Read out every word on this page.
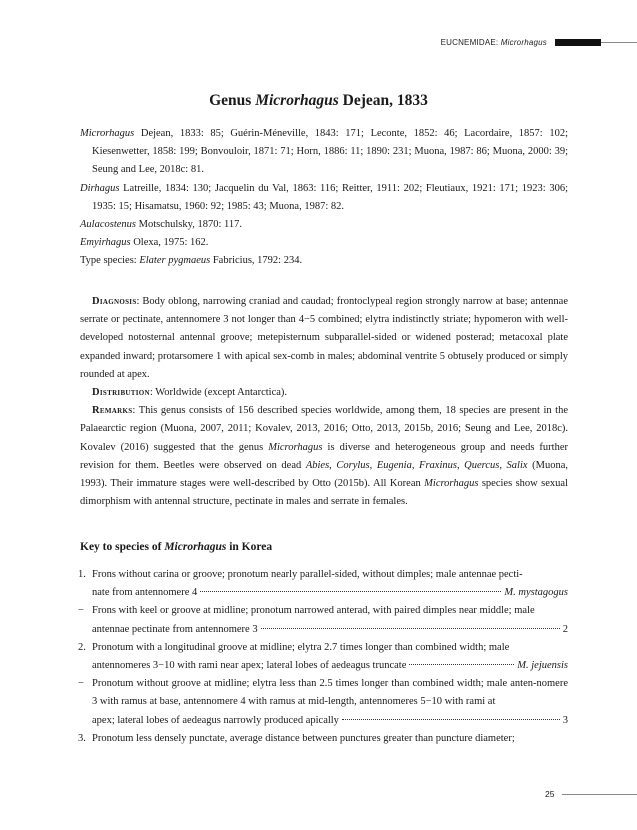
EUCNEMIDAE: Microrhagus
Genus Microrhagus Dejean, 1833

Microrhagus Dejean, 1833: 85; Guérin-Méneville, 1843: 171; Leconte, 1852: 46; Lacordaire, 1857: 102; Kiesenwetter, 1858: 199; Bonvouloir, 1871: 71; Horn, 1886: 11; 1890: 231; Muona, 1987: 86; Muona, 2000: 39; Seung and Lee, 2018c: 81.

Dirhagus Latreille, 1834: 130; Jacquelin du Val, 1863: 116; Reitter, 1911: 202; Fleutiaux, 1921: 171; 1923: 306; 1935: 15; Hisamatsu, 1960: 92; 1985: 43; Muona, 1987: 82.

Aulacostenus Motschulsky, 1870: 117.

Emyirhagus Olexa, 1975: 162.

Type species: Elater pygmaeus Fabricius, 1792: 234.

Diagnosis: Body oblong, narrowing craniad and caudad; frontoclypeal region strongly narrow at base; antennae serrate or pectinate, antennomere 3 not longer than 4−5 combined; elytra indistinctly striate; hypomeron with well-developed notosternal antennal groove; metepisternum subparallel-sided or widened posterad; metacoxal plate expanded inward; protarsomere 1 with apical sex-comb in males; abdominal ventrite 5 obtusely produced or simply rounded at apex.

Distribution: Worldwide (except Antarctica).

Remarks: This genus consists of 156 described species worldwide, among them, 18 species are present in the Palaearctic region (Muona, 2007, 2011; Kovalev, 2013, 2016; Otto, 2013, 2015b, 2016; Seung and Lee, 2018c). Kovalev (2016) suggested that the genus Microrhagus is diverse and heterogeneous group and needs further revision for them. Beetles were observed on dead Abies, Corylus, Eugenia, Fraxinus, Quercus, Salix (Muona, 1993). Their immature stages were well-described by Otto (2015b). All Korean Microrhagus species show sexual dimorphism with antennal structure, pectinate in males and serrate in females.

Key to species of Microrhagus in Korea
1. Frons without carina or groove; pronotum nearly parallel-sided, without dimples; male antennae pecti-
nate from antennomere 4	M. mystagogus
− Frons with keel or groove at midline; pronotum narrowed anterad, with paired dimples near middle; male
antennae pectinate from antennomere 3	2
2. Pronotum with a longitudinal groove at midline; elytra 2.7 times longer than combined width; male
antennomeres 3−10 with rami near apex; lateral lobes of aedeagus truncate	M. jejuensis
− Pronotum without groove at midline; elytra less than 2.5 times longer than combined width; male anten-nomere 3 with ramus at base, antennomere 4 with ramus at mid-length, antennomeres 5−10 with rami at
apex; lateral lobes of aedeagus narrowly produced apically	3
3. Pronotum less densely punctate, average distance between punctures greater than puncture diameter;
25
